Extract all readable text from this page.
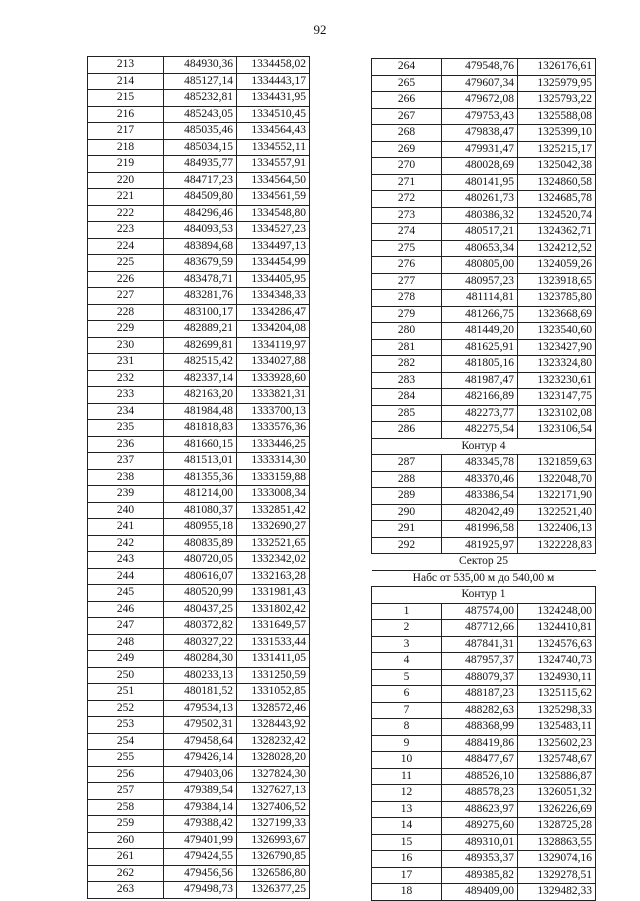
92
213	484930,36	1334458,02
214	485127,14	1334443,17
215	485232,81	1334431,95
216	485243,05	1334510,45
217	485035,46	1334564,43
218	485034,15	1334552,11
219	484935,77	1334557,91
220	484717,23	1334564,50
221	484509,80	1334561,59
222	484296,46	1334548,80
223	484093,53	1334527,23
224	483894,68	1334497,13
225	483679,59	1334454,99
226	483478,71	1334405,95
227	483281,76	1334348,33
228	483100,17	1334286,47
229	482889,21	1334204,08
230	482699,81	1334119,97
231	482515,42	1334027,88
232	482337,14	1333928,60
233	482163,20	1333821,31
234	481984,48	1333700,13
235	481818,83	1333576,36
236	481660,15	1333446,25
237	481513,01	1333314,30
238	481355,36	1333159,88
239	481214,00	1333008,34
240	481080,37	1332851,42
241	480955,18	1332690,27
242	480835,89	1332521,65
243	480720,05	1332342,02
244	480616,07	1332163,28
245	480520,99	1331981,43
246	480437,25	1331802,42
247	480372,82	1331649,57
248	480327,22	1331533,44
249	480284,30	1331411,05
250	480233,13	1331250,59
251	480181,52	1331052,85
252	479534,13	1328572,46
253	479502,31	1328443,92
254	479458,64	1328232,42
255	479426,14	1328028,20
256	479403,06	1327824,30
257	479389,54	1327627,13
258	479384,14	1327406,52
259	479388,42	1327199,33
260	479401,99	1326993,67
261	479424,55	1326790,85
262	479456,56	1326586,80
263	479498,73	1326377,25
264	479548,76	1326176,61
265	479607,34	1325979,95
266	479672,08	1325793,22
267	479753,43	1325588,08
268	479838,47	1325399,10
269	479931,47	1325215,17
270	480028,69	1325042,38
271	480141,95	1324860,58
272	480261,73	1324685,78
273	480386,32	1324520,74
274	480517,21	1324362,71
275	480653,34	1324212,52
276	480805,00	1324059,26
277	480957,23	1323918,65
278	481114,81	1323785,80
279	481266,75	1323668,69
280	481449,20	1323540,60
281	481625,91	1323427,90
282	481805,16	1323324,80
283	481987,47	1323230,61
284	482166,89	1323147,75
285	482273,77	1323102,08
286	482275,54	1323106,54
Контур 4		
287	483345,78	1321859,63
288	483370,46	1322048,70
289	483386,54	1322171,90
290	482042,49	1322521,40
291	481996,58	1322406,13
292	481925,97	1322228,83
Сектор 25		
Набс от 535,00 м до 540,00 м		
Контур 1		
1	487574,00	1324248,00
2	487712,66	1324410,81
3	487841,31	1324576,63
4	487957,37	1324740,73
5	488079,37	1324930,11
6	488187,23	1325115,62
7	488282,63	1325298,33
8	488368,99	1325483,11
9	488419,86	1325602,23
10	488477,67	1325748,67
11	488526,10	1325886,87
12	488578,23	1326051,32
13	488623,97	1326226,69
14	489275,60	1328725,28
15	489310,01	1328863,55
16	489353,37	1329074,16
17	489385,82	1329278,51
18	489409,00	1329482,33
